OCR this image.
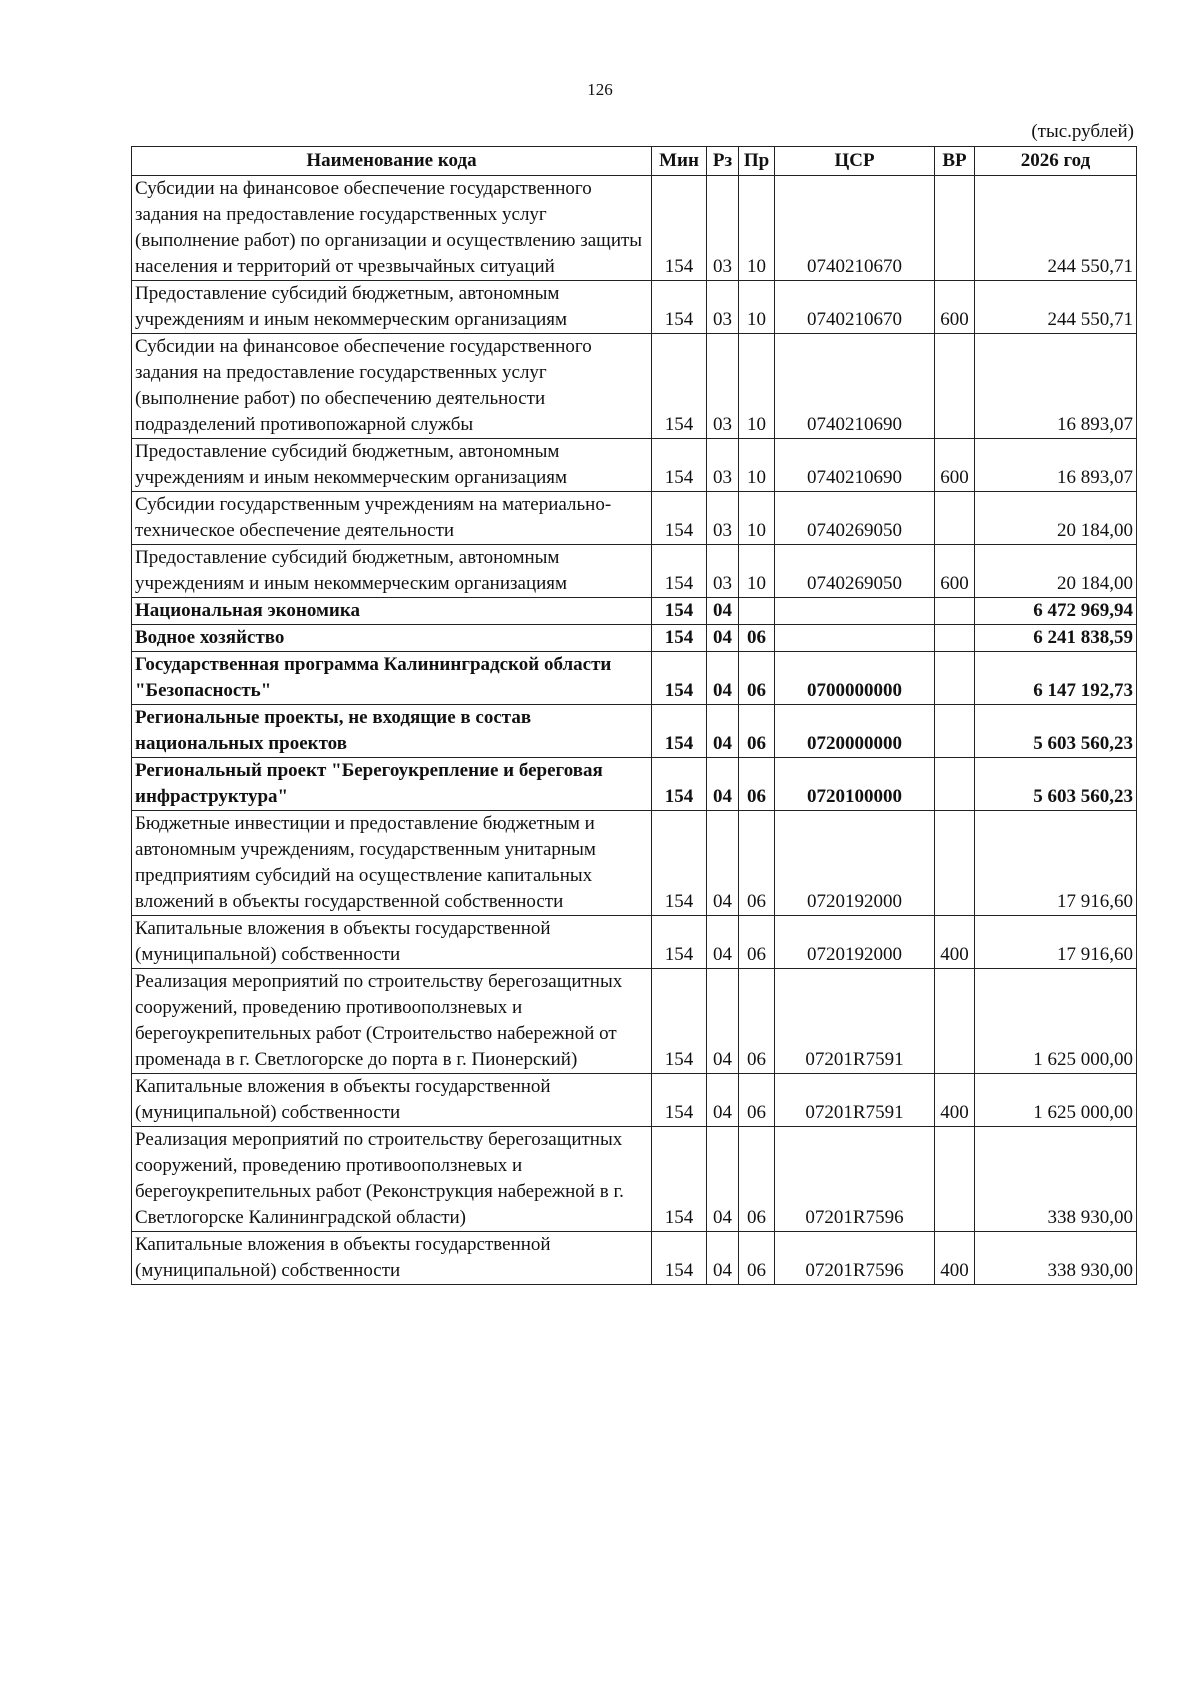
126
(тыс.рублей)
Наименование кода	Мин	Рз	Пр	ЦСР	ВР	2026 год
Субсидии на финансовое обеспечение государственного задания на предоставление государственных услуг (выполнение работ) по организации и осуществлению защиты населения и территорий от чрезвычайных ситуаций	154	03	10	0740210670		244 550,71
Предоставление субсидий бюджетным, автономным учреждениям и иным некоммерческим организациям	154	03	10	0740210670	600	244 550,71
Субсидии на финансовое обеспечение государственного задания на предоставление государственных услуг (выполнение работ) по обеспечению деятельности подразделений противопожарной службы	154	03	10	0740210690		16 893,07
Предоставление субсидий бюджетным, автономным учреждениям и иным некоммерческим организациям	154	03	10	0740210690	600	16 893,07
Субсидии государственным учреждениям на материально-техническое обеспечение деятельности	154	03	10	0740269050		20 184,00
Предоставление субсидий бюджетным, автономным учреждениям и иным некоммерческим организациям	154	03	10	0740269050	600	20 184,00
Национальная экономика	154	04				6 472 969,94
Водное хозяйство	154	04	06			6 241 838,59
Государственная программа Калининградской области "Безопасность"	154	04	06	0700000000		6 147 192,73
Региональные проекты, не входящие в состав национальных проектов	154	04	06	0720000000		5 603 560,23
Региональный проект "Берегоукрепление и береговая инфраструктура"	154	04	06	0720100000		5 603 560,23
Бюджетные инвестиции и предоставление бюджетным и автономным учреждениям, государственным унитарным предприятиям субсидий на осуществление капитальных вложений в объекты государственной собственности	154	04	06	0720192000		17 916,60
Капитальные вложения в объекты государственной (муниципальной) собственности	154	04	06	0720192000	400	17 916,60
Реализация мероприятий по строительству берегозащитных сооружений, проведению противооползневых и берегоукрепительных работ (Строительство набережной от променада в г. Светлогорске до порта в г. Пионерский)	154	04	06	07201R7591		1 625 000,00
Капитальные вложения в объекты государственной (муниципальной) собственности	154	04	06	07201R7591	400	1 625 000,00
Реализация мероприятий по строительству берегозащитных сооружений, проведению противооползневых и берегоукрепительных работ (Реконструкция набережной в г. Светлогорске Калининградской области)	154	04	06	07201R7596		338 930,00
Капитальные вложения в объекты государственной (муниципальной) собственности	154	04	06	07201R7596	400	338 930,00
